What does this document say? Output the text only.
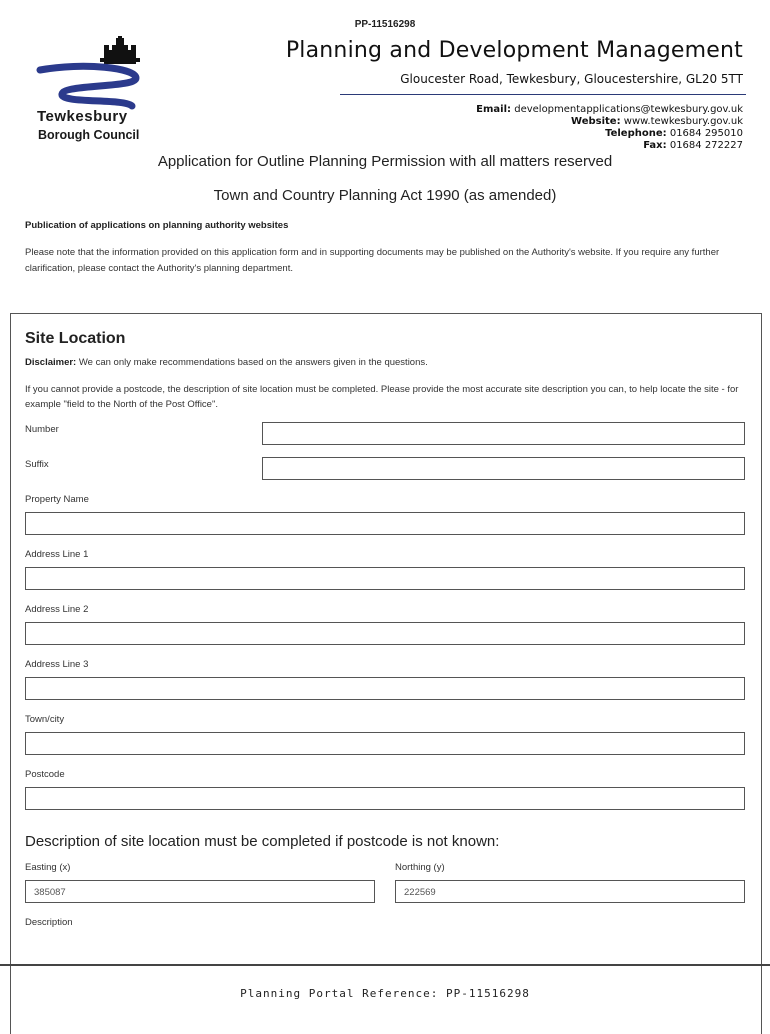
PP-11516298
Tewkesbury
Borough Council
Planning and Development Management
Gloucester Road, Tewkesbury, Gloucestershire, GL20 5TT
Email: developmentapplications@tewkesbury.gov.uk
Website: www.tewkesbury.gov.uk
Telephone: 01684 295010
Fax: 01684 272227
Application for Outline Planning Permission with all matters reserved
Town and Country Planning Act 1990 (as amended)
Publication of applications on planning authority websites
Please note that the information provided on this application form and in supporting documents may be published on the Authority's website. If you require any further clarification, please contact the Authority's planning department.
Site Location
Disclaimer: We can only make recommendations based on the answers given in the questions.
If you cannot provide a postcode, the description of site location must be completed. Please provide the most accurate site description you can, to help locate the site - for example "field to the North of the Post Office".
Number
Suffix
Property Name
Address Line 1
Address Line 2
Address Line 3
Town/city
Postcode
Description of site location must be completed if postcode is not known:
Easting (x)
385087
Northing (y)
222569
Description
Planning Portal Reference: PP-11516298
